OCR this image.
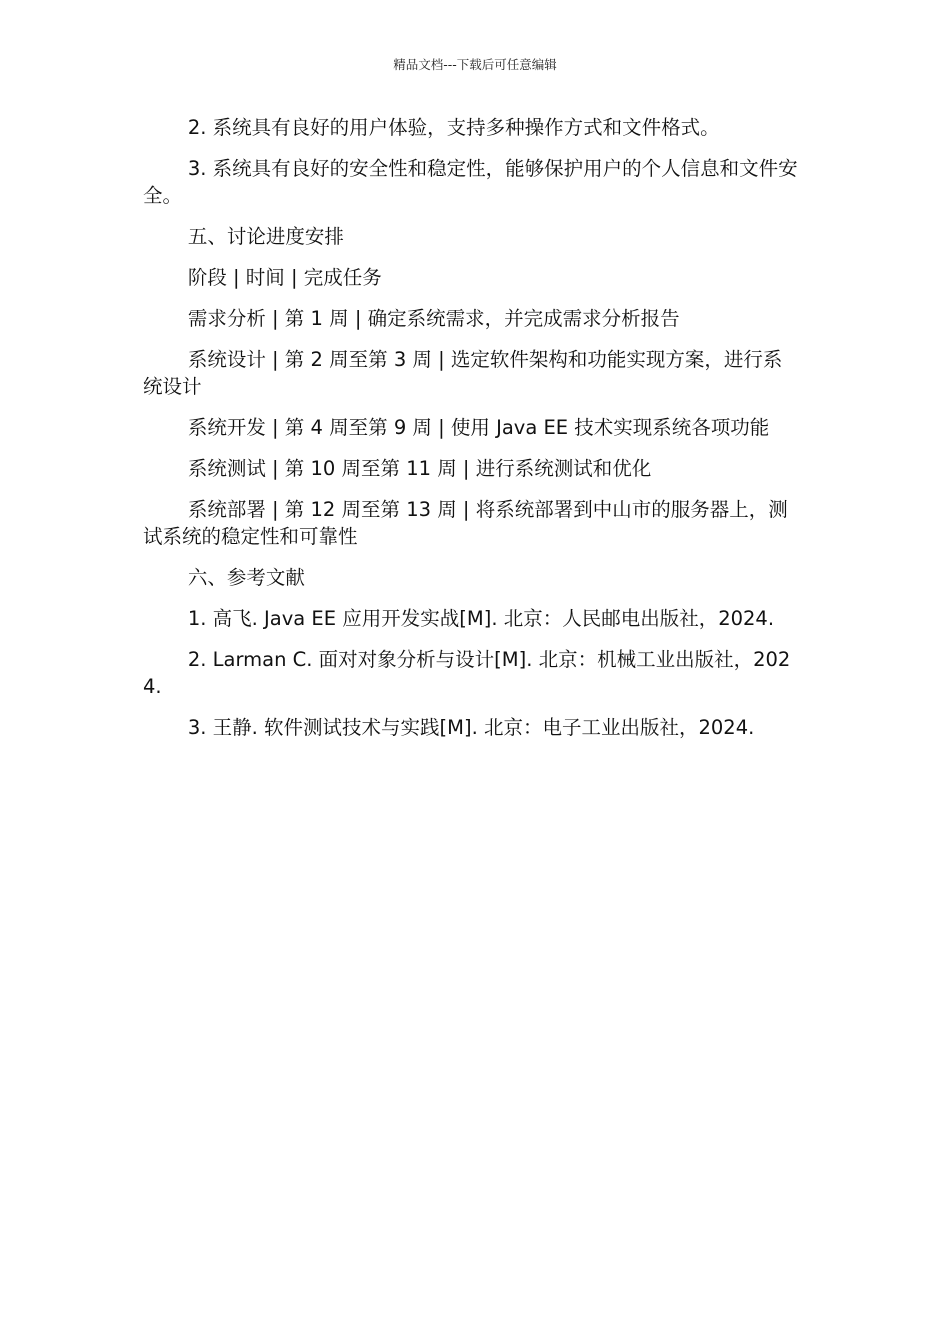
精品文档---下载后可任意编辑

2. 系统具有良好的用户体验，支持多种操作方式和文件格式。

3. 系统具有良好的安全性和稳定性，能够保护用户的个人信息和文件安全。

五、讨论进度安排

阶段 | 时间 | 完成任务

需求分析 | 第 1 周 | 确定系统需求，并完成需求分析报告

系统设计 | 第 2 周至第 3 周 | 选定软件架构和功能实现方案，进行系统设计

系统开发 | 第 4 周至第 9 周 | 使用 Java EE 技术实现系统各项功能

系统测试 | 第 10 周至第 11 周 | 进行系统测试和优化

系统部署 | 第 12 周至第 13 周 | 将系统部署到中山市的服务器上，测试系统的稳定性和可靠性

六、参考文献

1. 高飞. Java EE 应用开发实战[M]. 北京：人民邮电出版社，2024.

2. Larman C. 面对对象分析与设计[M]. 北京：机械工业出版社，2024.

3. 王静. 软件测试技术与实践[M]. 北京：电子工业出版社，2024.
